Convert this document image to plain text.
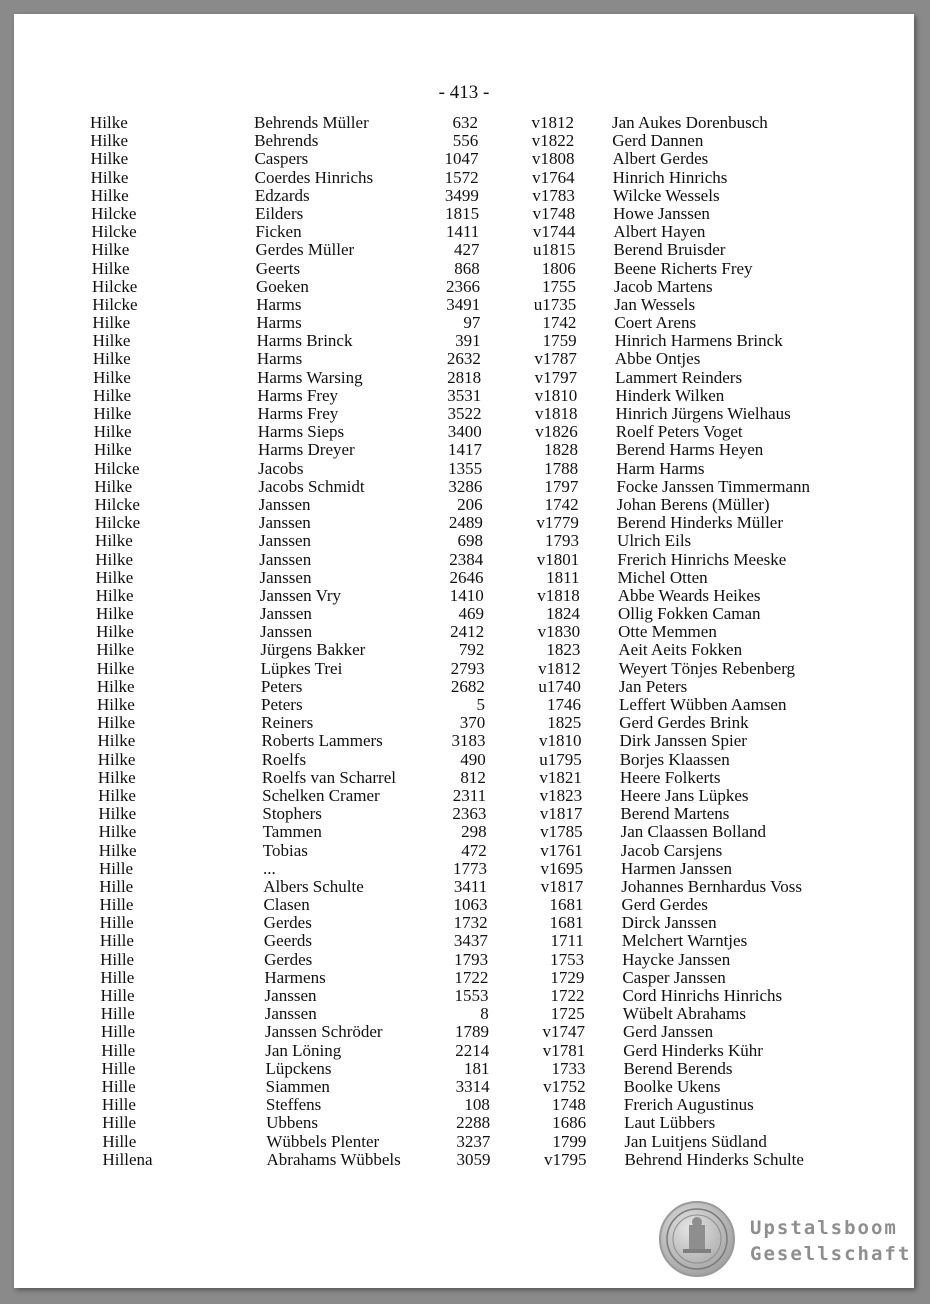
- 413 -
Hilke	Behrends Müller	632	v1812 Jan Aukes Dorenbusch
Hilke	Behrends	556	v1822 Gerd Dannen
Hilke	Caspers	1047	v1808 Albert Gerdes
Hilke	Coerdes Hinrichs	1572	v1764 Hinrich Hinrichs
Hilke	Edzards	3499	v1783 Wilcke Wessels
Hilcke	Eilders	1815	v1748 Howe Janssen
Hilcke	Ficken	1411	v1744 Albert Hayen
Hilke	Gerdes Müller	427	u1815 Berend Bruisder
Hilke	Geerts	868	1806 Beene Richerts Frey
Hilcke	Goeken	2366	1755 Jacob Martens
Hilcke	Harms	3491	u1735 Jan Wessels
Hilke	Harms	97	1742 Coert Arens
Hilke	Harms Brinck	391	1759 Hinrich Harmens Brinck
Hilke	Harms	2632	v1787 Abbe Ontjes
Hilke	Harms Warsing	2818	v1797 Lammert Reinders
Hilke	Harms Frey	3531	v1810 Hinderk Wilken
Hilke	Harms Frey	3522	v1818 Hinrich Jürgens Wielhaus
Hilke	Harms Sieps	3400	v1826 Roelf Peters Voget
Hilke	Harms Dreyer	1417	1828 Berend Harms Heyen
Hilcke	Jacobs	1355	1788 Harm Harms
Hilke	Jacobs Schmidt	3286	1797 Focke Janssen Timmermann
Hilcke	Janssen	206	1742 Johan Berens (Müller)
Hilcke	Janssen	2489	v1779 Berend Hinderks Müller
Hilke	Janssen	698	1793 Ulrich Eils
Hilke	Janssen	2384	v1801 Frerich Hinrichs Meeske
Hilke	Janssen	2646	1811 Michel Otten
Hilke	Janssen Vry	1410	v1818 Abbe Weards Heikes
Hilke	Janssen	469	1824 Ollig Fokken Caman
Hilke	Janssen	2412	v1830 Otte Memmen
Hilke	Jürgens Bakker	792	1823 Aeit Aeits Fokken
Hilke	Lüpkes Trei	2793	v1812 Weyert Tönjes Rebenberg
Hilke	Peters	2682	u1740 Jan Peters
Hilke	Peters	5	1746 Leffert Wübben Aamsen
Hilke	Reiners	370	1825 Gerd Gerdes Brink
Hilke	Roberts Lammers	3183	v1810 Dirk Janssen Spier
Hilke	Roelfs	490	u1795 Borjes Klaassen
Hilke	Roelfs van Scharrel	812	v1821 Heere Folkerts
Hilke	Schelken Cramer	2311	v1823 Heere Jans Lüpkes
Hilke	Stophers	2363	v1817 Berend Martens
Hilke	Tammen	298	v1785 Jan Claassen Bolland
Hilke	Tobias	472	v1761 Jacob Carsjens
Hille	...	1773	v1695 Harmen Janssen
Hille	Albers Schulte	3411	v1817 Johannes Bernhardus Voss
Hille	Clasen	1063	1681 Gerd Gerdes
Hille	Gerdes	1732	1681 Dirck Janssen
Hille	Geerds	3437	1711 Melchert Warntjes
Hille	Gerdes	1793	1753 Haycke Janssen
Hille	Harmens	1722	1729 Casper Janssen
Hille	Janssen	1553	1722 Cord Hinrichs Hinrichs
Hille	Janssen	8	1725 Wübelt Abrahams
Hille	Janssen Schröder	1789	v1747 Gerd Janssen
Hille	Jan Löning	2214	v1781 Gerd Hinderks Kühr
Hille	Lüpckens	181	1733 Berend Berends
Hille	Siammen	3314	v1752 Boolke Ukens
Hille	Steffens	108	1748 Frerich Augustinus
Hille	Ubbens	2288	1686 Laut Lübbers
Hille	Wübbels Plenter	3237	1799 Jan Luitjens Südland
Hillena	Abrahams Wübbels	3059	v1795 Behrend Hinderks Schulte
Upstalsboom
Gesellschaft
